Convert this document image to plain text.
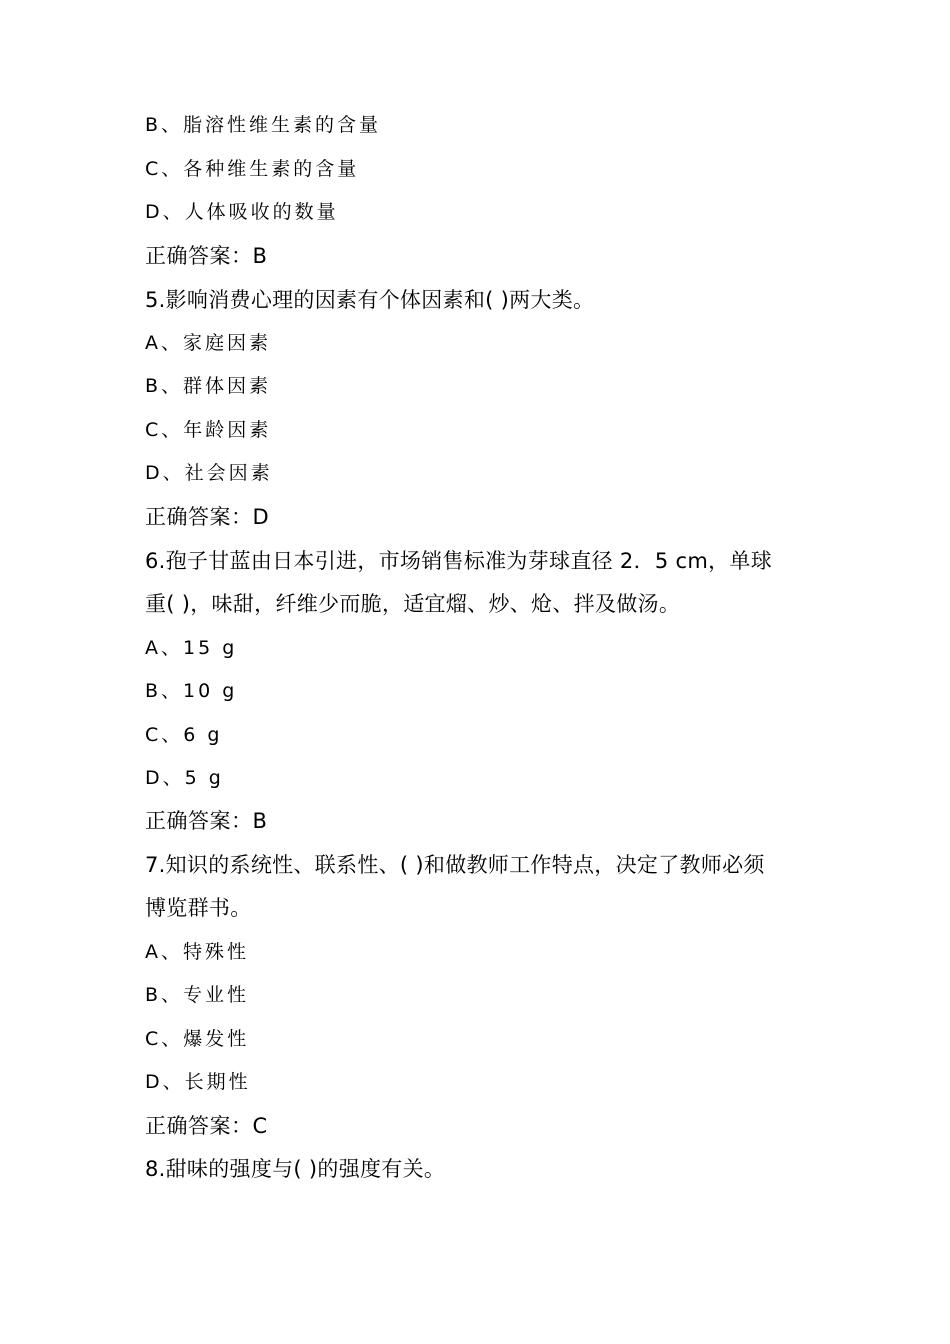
B、脂溶性维生素的含量
C、各种维生素的含量
D、人体吸收的数量
正确答案：B
5.影响消费心理的因素有个体因素和( )两大类。
A、家庭因素
B、群体因素
C、年龄因素
D、社会因素
正确答案：D
6.孢子甘蓝由日本引进，市场销售标准为芽球直径 2．5 cm，单球
重( )，味甜，纤维少而脆，适宜熘、炒、炝、拌及做汤。
A、15 g
B、10 g
C、6 g
D、5 g
正确答案：B
7.知识的系统性、联系性、( )和做教师工作特点，决定了教师必须
博览群书。
A、特殊性
B、专业性
C、爆发性
D、长期性
正确答案：C
8.甜味的强度与( )的强度有关。
